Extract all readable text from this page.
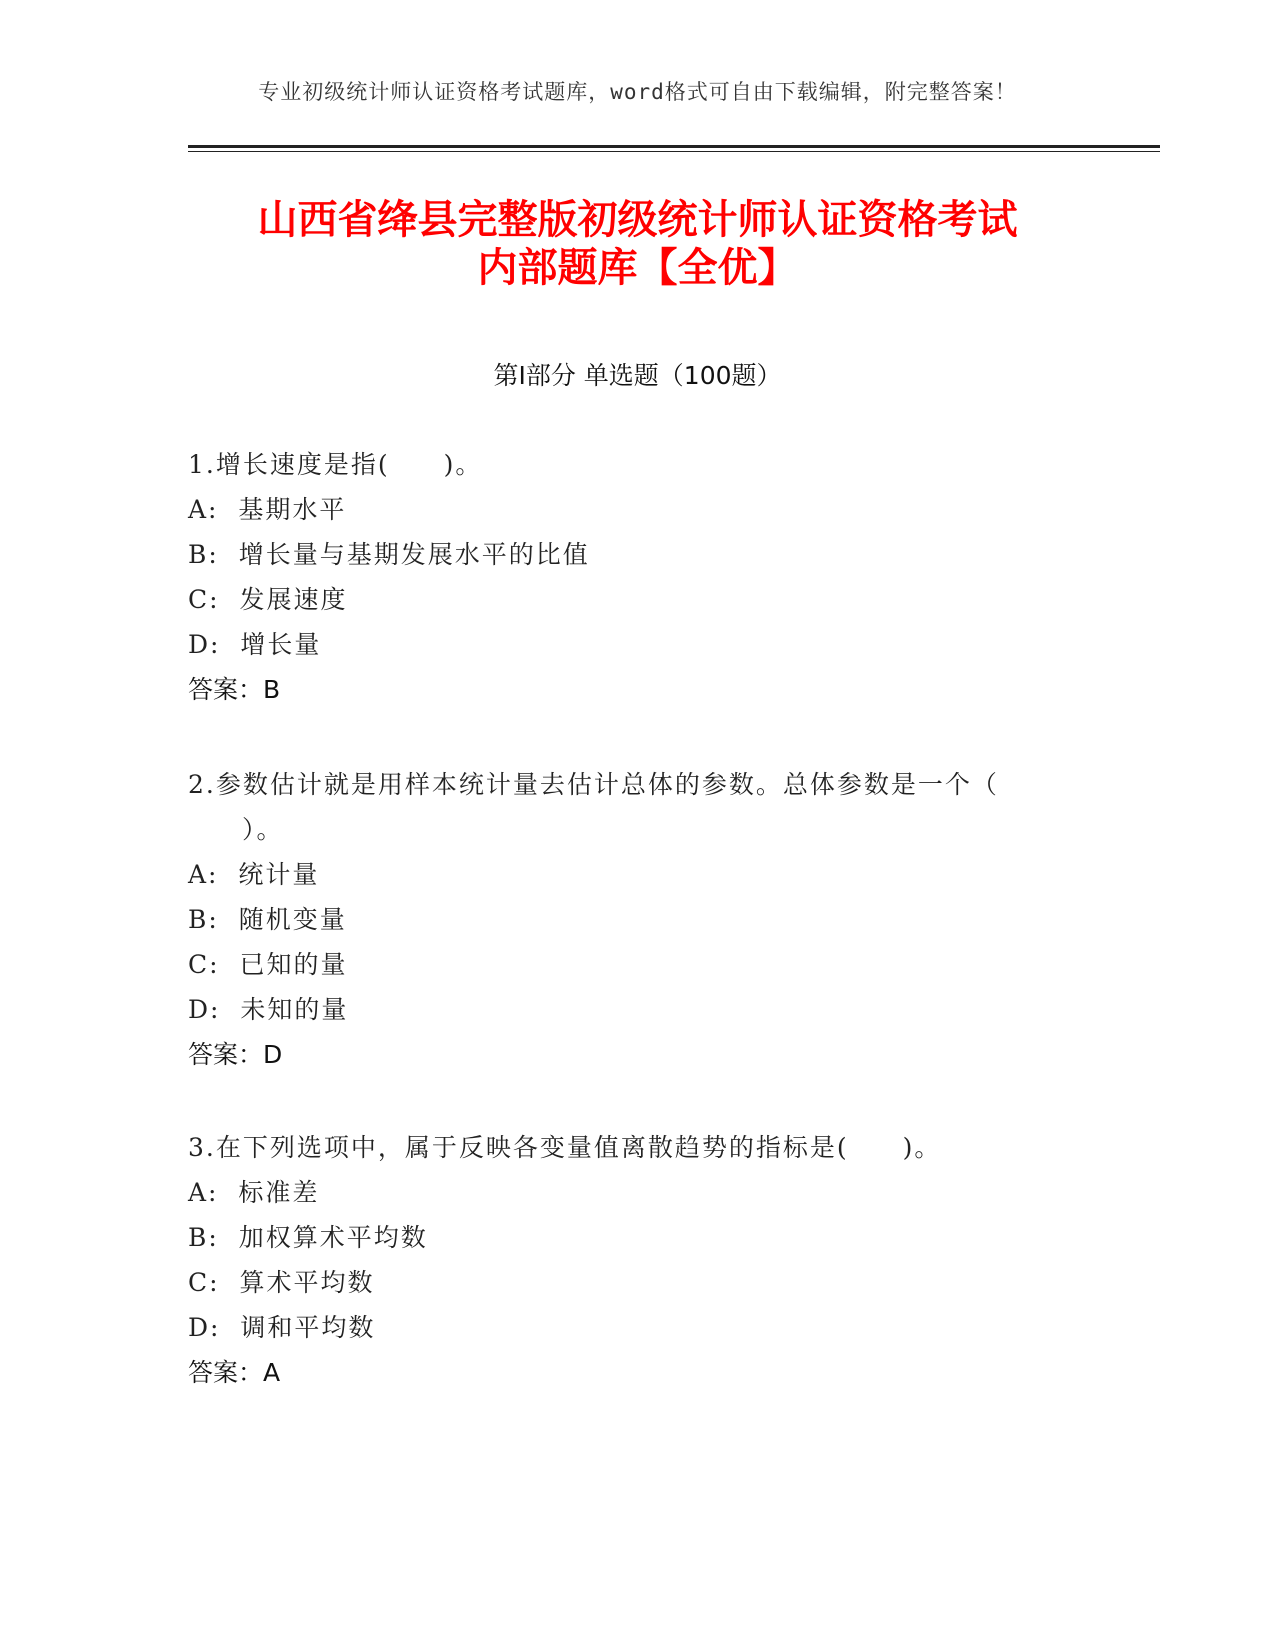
专业初级统计师认证资格考试题库，word格式可自由下载编辑，附完整答案！
山西省绛县完整版初级统计师认证资格考试
内部题库【全优】
第Ⅰ部分 单选题（100题）
1.增长速度是指(　　)。
A:  基期水平
B:  增长量与基期发展水平的比值
C:  发展速度
D:  增长量
答案：B
2.参数估计就是用样本统计量去估计总体的参数。总体参数是一个（
　　）。
A:  统计量
B:  随机变量
C:  已知的量
D:  未知的量
答案：D
3.在下列选项中，属于反映各变量值离散趋势的指标是(　　)。
A:  标准差
B:  加权算术平均数
C:  算术平均数
D:  调和平均数
答案：A
